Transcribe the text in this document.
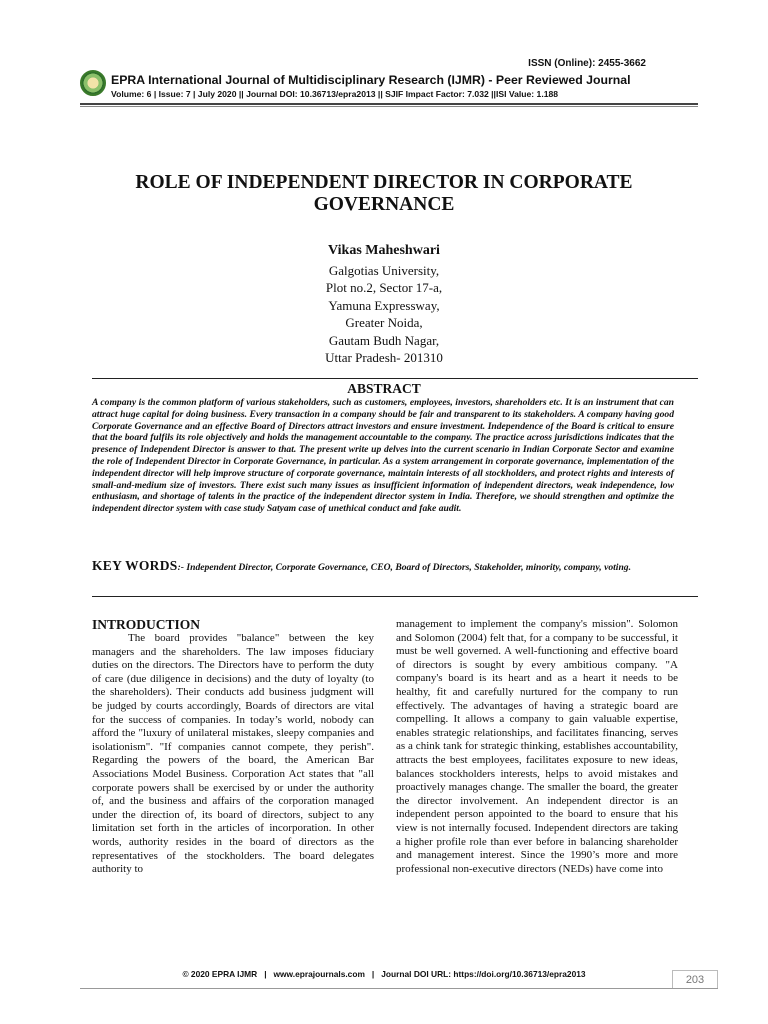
ISSN (Online): 2455-3662
EPRA International Journal of Multidisciplinary Research (IJMR) - Peer Reviewed Journal
Volume: 6 | Issue: 7 | July 2020 || Journal DOI: 10.36713/epra2013 || SJIF Impact Factor: 7.032 ||ISI Value: 1.188
ROLE OF INDEPENDENT DIRECTOR IN CORPORATE GOVERNANCE
Vikas Maheshwari
Galgotias University,
Plot no.2, Sector 17-a,
Yamuna Expressway,
Greater Noida,
Gautam Budh Nagar,
Uttar Pradesh- 201310
ABSTRACT
A company is the common platform of various stakeholders, such as customers, employees, investors, shareholders etc. It is an instrument that can attract huge capital for doing business. Every transaction in a company should be fair and transparent to its stakeholders. A company having good Corporate Governance and an effective Board of Directors attract investors and ensure investment. Independence of the Board is critical to ensure that the board fulfils its role objectively and holds the management accountable to the company. The practice across jurisdictions indicates that the presence of Independent Director is answer to that. The present write up delves into the current scenario in Indian Corporate Sector and examine the role of Independent Director in Corporate Governance, in particular. As a system arrangement in corporate governance, implementation of the independent director will help improve structure of corporate governance, maintain interests of all stockholders, and protect rights and interests of small-and-medium size of investors. There exist such many issues as insufficient information of independent directors, weak independence, low enthusiasm, and shortage of talents in the practice of the independent director system in India. Therefore, we should strengthen and optimize the independent director system with case study Satyam case of unethical conduct and fake audit.
KEY WORDS:- Independent Director, Corporate Governance, CEO, Board of Directors, Stakeholder, minority, company, voting.
INTRODUCTION

The board provides "balance" between the key managers and the shareholders. The law imposes fiduciary duties on the directors. The Directors have to perform the duty of care (due diligence in decisions) and the duty of loyalty (to the shareholders). Their conducts add business judgment will be judged by courts accordingly, Boards of directors are vital for the success of companies. In today’s world, nobody can afford the "luxury of unilateral mistakes, sleepy companies and isolationism". "If companies cannot compete, they perish". Regarding the powers of the board, the American Bar Associations Model Business. Corporation Act states that "all corporate powers shall be exercised by or under the authority of, and the business and affairs of the corporation managed under the direction of, its board of directors, subject to any limitation set forth in the articles of incorporation. In other words, authority resides in the board of directors as the representatives of the stockholders. The board delegates authority to

management to implement the company's mission". Solomon and Solomon (2004) felt that, for a company to be successful, it must be well governed. A well-functioning and effective board of directors is sought by every ambitious company. "A company's board is its heart and as a heart it needs to be healthy, fit and carefully nurtured for the company to run effectively. The advantages of having a strategic board are compelling. It allows a company to gain valuable expertise, enables strategic relationships, and facilitates financing, serves as a chink tank for strategic thinking, establishes accountability, attracts the best employees, facilitates exposure to new ideas, balances stockholders interests, helps to avoid mistakes and proactively manages change. The smaller the board, the greater the director involvement. An independent director is an independent person appointed to the board to ensure that his view is not internally focused. Independent directors are taking a higher profile role than ever before in balancing shareholder and management interest. Since the 1990’s more and more professional non-executive directors (NEDs) have come into

© 2020 EPRA IJMR | www.eprajournals.com | Journal DOI URL: https://doi.org/10.36713/epra2013	203
